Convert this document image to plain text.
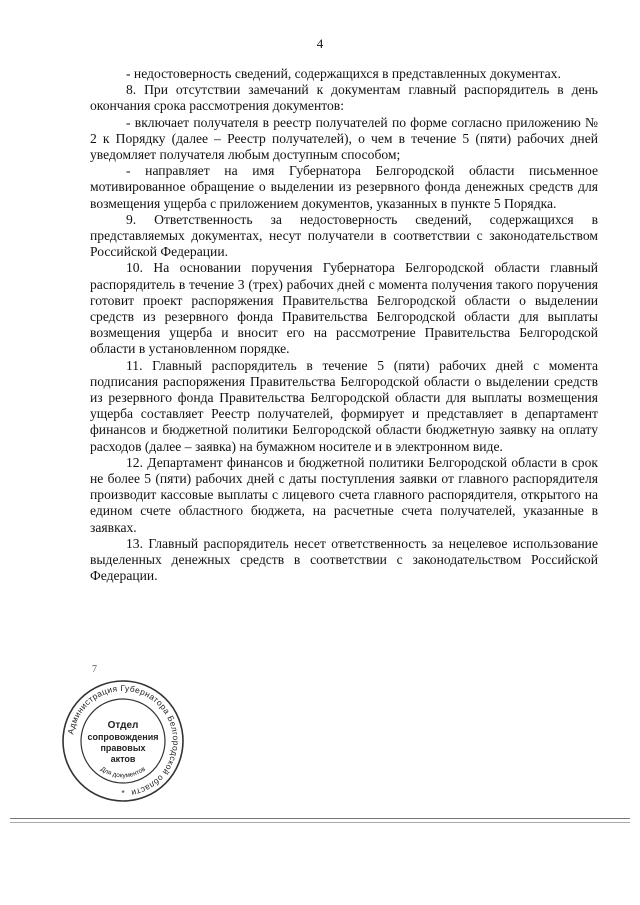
4

- недостоверность сведений, содержащихся в представленных документах.

8. При отсутствии замечаний к документам главный распорядитель в день окончания срока рассмотрения документов:

- включает получателя в реестр получателей по форме согласно приложению № 2 к Порядку (далее – Реестр получателей), о чем в течение 5 (пяти) рабочих дней уведомляет получателя любым доступным способом;

- направляет на имя Губернатора Белгородской области письменное мотивированное обращение о выделении из резервного фонда денежных средств для возмещения ущерба с приложением документов, указанных в пункте 5 Порядка.

9. Ответственность за недостоверность сведений, содержащихся в представляемых документах, несут получатели в соответствии с законодательством Российской Федерации.

10. На основании поручения Губернатора Белгородской области главный распорядитель в течение 3 (трех) рабочих дней с момента получения такого поручения готовит проект распоряжения Правительства Белгородской области о выделении средств из резервного фонда Правительства Белгородской области для выплаты возмещения ущерба и вносит его на рассмотрение Правительства Белгородской области в установленном порядке.

11. Главный распорядитель в течение 5 (пяти) рабочих дней с момента подписания распоряжения Правительства Белгородской области о выделении средств из резервного фонда Правительства Белгородской области для выплаты возмещения ущерба составляет Реестр получателей, формирует и представляет в департамент финансов и бюджетной политики Белгородской области бюджетную заявку на оплату расходов (далее – заявка) на бумажном носителе и в электронном виде.

12. Департамент финансов и бюджетной политики Белгородской области в срок не более 5 (пяти) рабочих дней с даты поступления заявки от главного распорядителя производит кассовые выплаты с лицевого счета главного распорядителя, открытого на едином счете областного бюджета, на расчетные счета получателей, указанные в заявках.

13. Главный распорядитель несет ответственность за нецелевое использование выделенных денежных средств в соответствии с законодательством Российской Федерации.

7
Администрация Губернатора Белгородской области
Отдел
сопровождения
правовых
актов
Для документов
*
